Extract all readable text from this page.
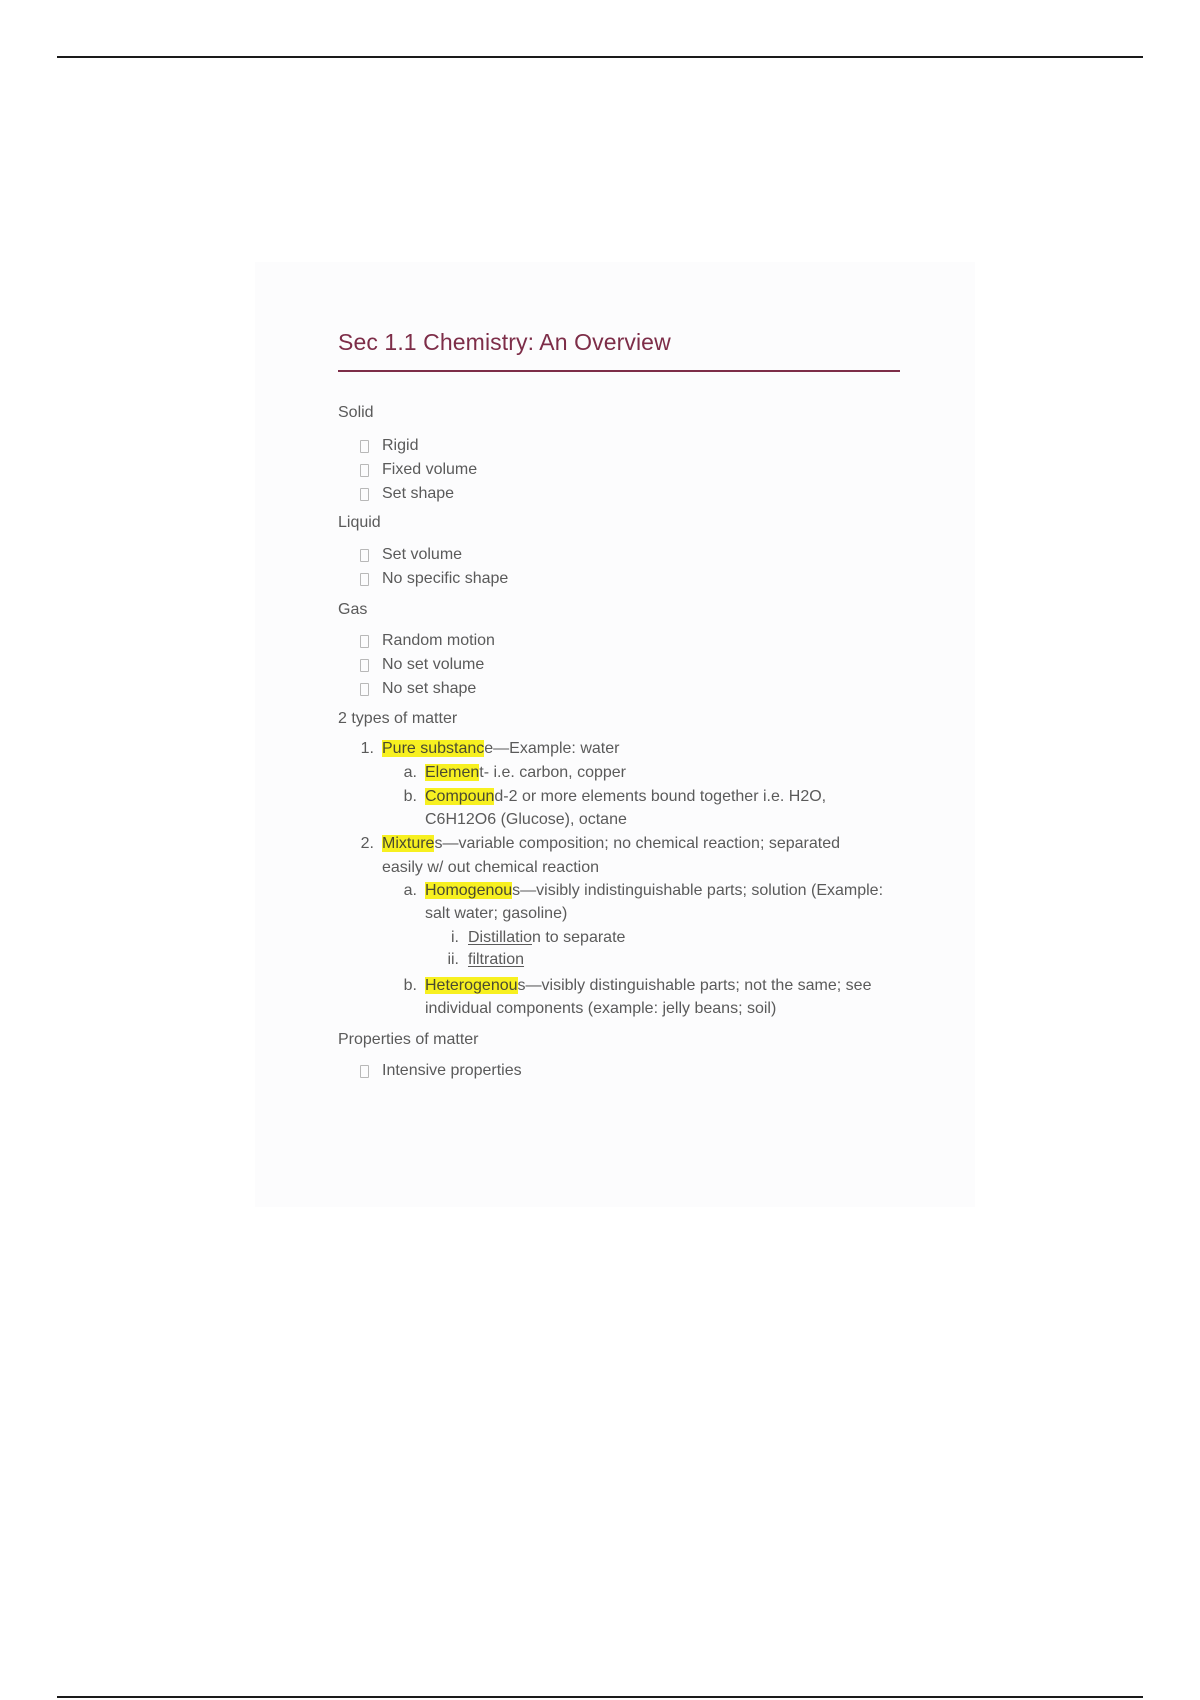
Sec 1.1 Chemistry: An Overview
Solid
Rigid
Fixed volume
Set shape
Liquid
Set volume
No specific shape
Gas
Random motion
No set volume
No set shape
2 types of matter
1. Pure substance—Example: water
a. Element- i.e. carbon, copper
b. Compound-2 or more elements bound together i.e. H2O,
C6H12O6 (Glucose), octane
2. Mixtures—variable composition; no chemical reaction; separated
easily w/ out chemical reaction
a. Homogenous—visibly indistinguishable parts; solution (Example:
salt water; gasoline)
i. Distillation to separate
ii. filtration
b. Heterogenous—visibly distinguishable parts; not the same; see
individual components (example: jelly beans; soil)
Properties of matter
Intensive properties
